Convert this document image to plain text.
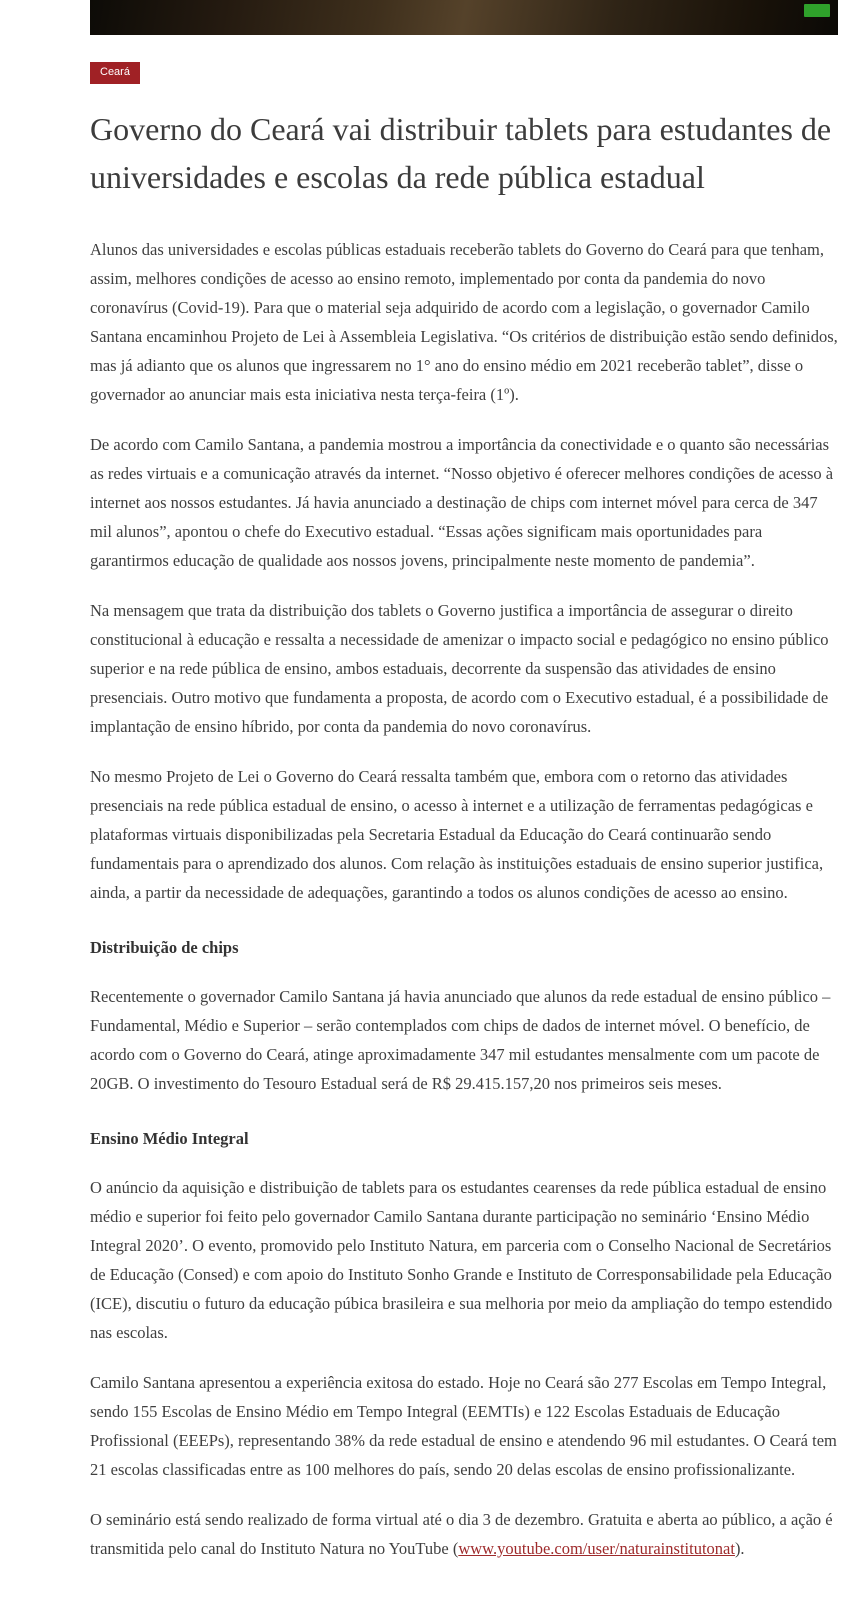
Ceará
Governo do Ceará vai distribuir tablets para estudantes de universidades e escolas da rede pública estadual

Alunos das universidades e escolas públicas estaduais receberão tablets do Governo do Ceará para que tenham, assim, melhores condições de acesso ao ensino remoto, implementado por conta da pandemia do novo coronavírus (Covid-19). Para que o material seja adquirido de acordo com a legislação, o governador Camilo Santana encaminhou Projeto de Lei à Assembleia Legislativa. “Os critérios de distribuição estão sendo definidos, mas já adianto que os alunos que ingressarem no 1° ano do ensino médio em 2021 receberão tablet”, disse o governador ao anunciar mais esta iniciativa nesta terça-feira (1º).

De acordo com Camilo Santana, a pandemia mostrou a importância da conectividade e o quanto são necessárias as redes virtuais e a comunicação através da internet. “Nosso objetivo é oferecer melhores condições de acesso à internet aos nossos estudantes. Já havia anunciado a destinação de chips com internet móvel para cerca de 347 mil alunos”, apontou o chefe do Executivo estadual. “Essas ações significam mais oportunidades para garantirmos educação de qualidade aos nossos jovens, principalmente neste momento de pandemia”.

Na mensagem que trata da distribuição dos tablets o Governo justifica a importância de assegurar o direito constitucional à educação e ressalta a necessidade de amenizar o impacto social e pedagógico no ensino público superior e na rede pública de ensino, ambos estaduais, decorrente da suspensão das atividades de ensino presenciais. Outro motivo que fundamenta a proposta, de acordo com o Executivo estadual, é a possibilidade de implantação de ensino híbrido, por conta da pandemia do novo coronavírus.

No mesmo Projeto de Lei o Governo do Ceará ressalta também que, embora com o retorno das atividades presenciais na rede pública estadual de ensino, o acesso à internet e a utilização de ferramentas pedagógicas e plataformas virtuais disponibilizadas pela Secretaria Estadual da Educação do Ceará continuarão sendo fundamentais para o aprendizado dos alunos. Com relação às instituições estaduais de ensino superior justifica, ainda, a partir da necessidade de adequações, garantindo a todos os alunos condições de acesso ao ensino.

Distribuição de chips

Recentemente o governador Camilo Santana já havia anunciado que alunos da rede estadual de ensino público – Fundamental, Médio e Superior – serão contemplados com chips de dados de internet móvel. O benefício, de acordo com o Governo do Ceará, atinge aproximadamente 347 mil estudantes mensalmente com um pacote de 20GB. O investimento do Tesouro Estadual será de R$ 29.415.157,20 nos primeiros seis meses.

Ensino Médio Integral

O anúncio da aquisição e distribuição de tablets para os estudantes cearenses da rede pública estadual de ensino médio e superior foi feito pelo governador Camilo Santana durante participação no seminário ‘Ensino Médio Integral 2020’. O evento, promovido pelo Instituto Natura, em parceria com o Conselho Nacional de Secretários de Educação (Consed) e com apoio do Instituto Sonho Grande e Instituto de Corresponsabilidade pela Educação (ICE), discutiu o futuro da educação púbica brasileira e sua melhoria por meio da ampliação do tempo estendido nas escolas.

Camilo Santana apresentou a experiência exitosa do estado. Hoje no Ceará são 277 Escolas em Tempo Integral, sendo 155 Escolas de Ensino Médio em Tempo Integral (EEMTIs) e 122 Escolas Estaduais de Educação Profissional (EEEPs), representando 38% da rede estadual de ensino e atendendo 96 mil estudantes. O Ceará tem 21 escolas classificadas entre as 100 melhores do país, sendo 20 delas escolas de ensino profissionalizante.

O seminário está sendo realizado de forma virtual até o dia 3 de dezembro. Gratuita e aberta ao público, a ação é transmitida pelo canal do Instituto Natura no YouTube (www.youtube.com/user/naturainstitutonat).
